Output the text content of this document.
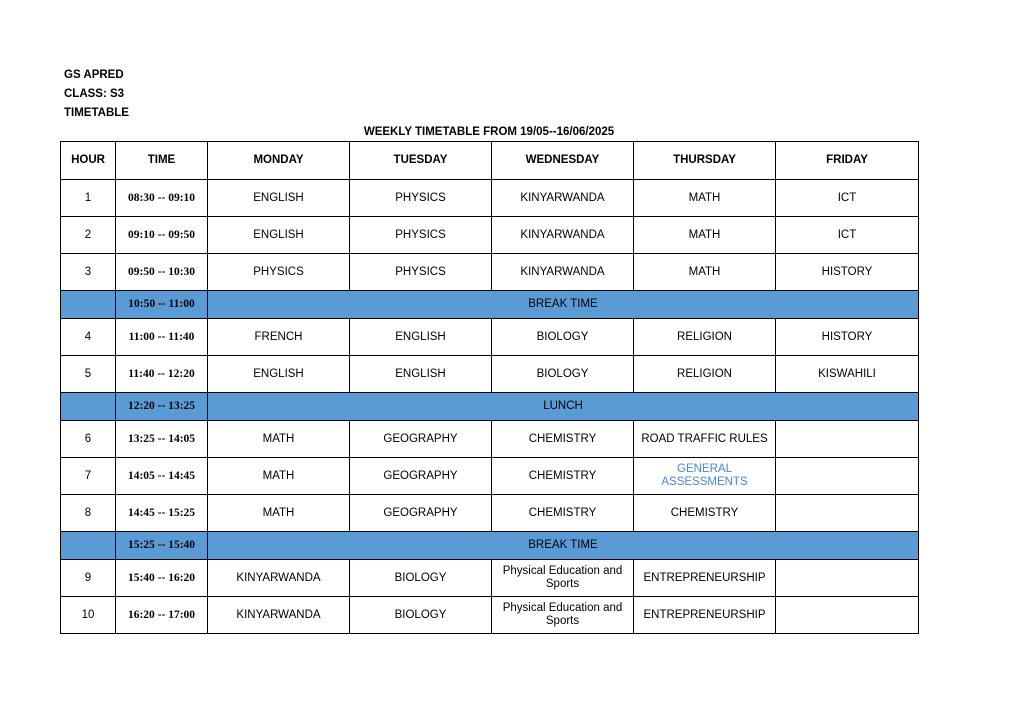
GS APRED
CLASS: S3
TIMETABLE
WEEKLY TIMETABLE FROM 19/05--16/06/2025
HOUR	TIME	MONDAY	TUESDAY	WEDNESDAY	THURSDAY	FRIDAY
1	08:30 -- 09:10	ENGLISH	PHYSICS	KINYARWANDA	MATH	ICT
2	09:10 -- 09:50	ENGLISH	PHYSICS	KINYARWANDA	MATH	ICT
3	09:50 -- 10:30	PHYSICS	PHYSICS	KINYARWANDA	MATH	HISTORY
	10:50 -- 11:00	BREAK TIME				
4	11:00 -- 11:40	FRENCH	ENGLISH	BIOLOGY	RELIGION	HISTORY
5	11:40 -- 12:20	ENGLISH	ENGLISH	BIOLOGY	RELIGION	KISWAHILI
	12:20 -- 13:25	LUNCH				
6	13:25 -- 14:05	MATH	GEOGRAPHY	CHEMISTRY	ROAD TRAFFIC RULES	
7	14:05 -- 14:45	MATH	GEOGRAPHY	CHEMISTRY	GENERAL ASSESSMENTS	
8	14:45 -- 15:25	MATH	GEOGRAPHY	CHEMISTRY	CHEMISTRY	
	15:25 -- 15:40	BREAK TIME				
9	15:40 -- 16:20	KINYARWANDA	BIOLOGY	Physical Education and Sports	ENTREPRENEURSHIP	
10	16:20 -- 17:00	KINYARWANDA	BIOLOGY	Physical Education and Sports	ENTREPRENEURSHIP	
